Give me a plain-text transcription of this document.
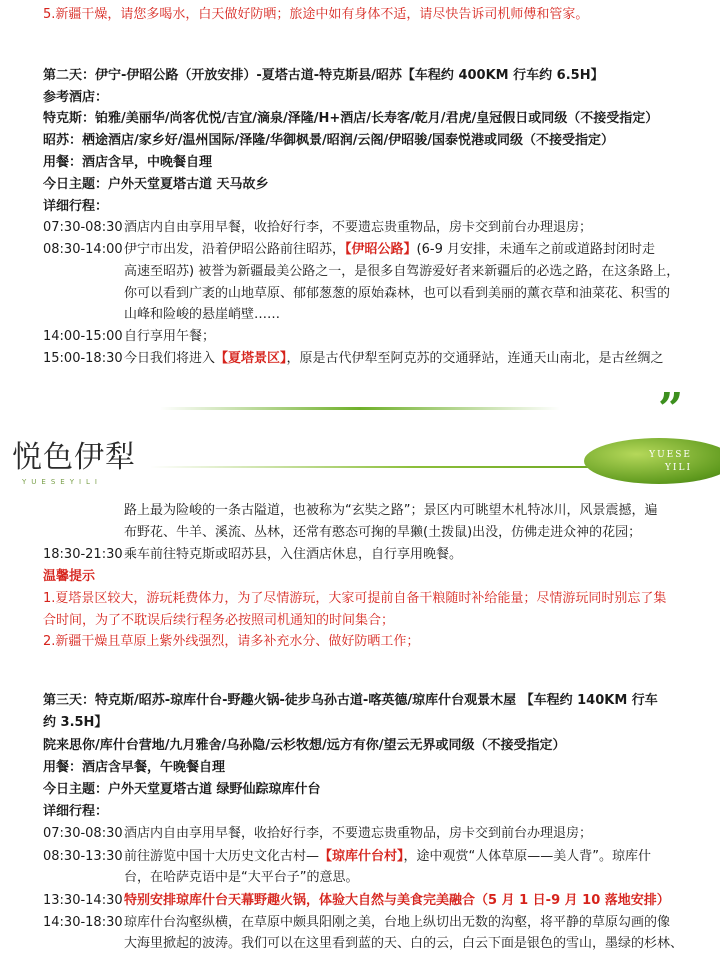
5.新疆干燥，请您多喝水，白天做好防晒；旅途中如有身体不适，请尽快告诉司机师傅和管家。
第二天：伊宁-伊昭公路（开放安排）-夏塔古道-特克斯县/昭苏【车程约 400KM 行车约 6.5H】
参考酒店：
特克斯：铂雅/美丽华/尚客优悦/吉宜/滴泉/泽隆/H+酒店/长寿客/乾月/君虎/皇冠假日或同级（不接受指定）
昭苏：栖途酒店/家乡好/温州国际/泽隆/华御枫景/昭润/云阁/伊昭骏/国泰悦港或同级（不接受指定）
用餐：酒店含早，中晚餐自理
今日主题：户外天堂夏塔古道 天马故乡
详细行程：
07:30-08:30 酒店内自由享用早餐，收拾好行李，不要遗忘贵重物品，房卡交到前台办理退房；
08:30-14:00 伊宁市出发，沿着伊昭公路前往昭苏，【伊昭公路】(6-9 月安排，未通车之前或道路封闭时走
高速至昭苏) 被誉为新疆最美公路之一，是很多自驾游爱好者来新疆后的必选之路，在这条路上，
你可以看到广袤的山地草原、郁郁葱葱的原始森林，也可以看到美丽的薰衣草和油菜花、积雪的
山峰和险峻的悬崖峭壁……
14:00-15:00 自行享用午餐；
15:00-18:30 今日我们将进入【夏塔景区】，原是古代伊犁至阿克苏的交通驿站，连通天山南北，是古丝绸之
”
悦色伊犁
YUESEYILI
YUESE
YILI
路上最为险峻的一条古隘道，也被称为“玄奘之路”；景区内可眺望木札特冰川，风景震撼，遍
布野花、牛羊、溪流、丛林，还常有憨态可掬的旱獭(土拨鼠)出没，仿佛走进众神的花园；
18:30-21:30 乘车前往特克斯或昭苏县，入住酒店休息，自行享用晚餐。
温馨提示
1.夏塔景区较大，游玩耗费体力，为了尽情游玩，大家可提前自备干粮随时补给能量；尽情游玩同时别忘了集
合时间，为了不耽误后续行程务必按照司机通知的时间集合；
2.新疆干燥且草原上紫外线强烈，请多补充水分、做好防晒工作；
第三天：特克斯/昭苏-琼库什台-野趣火锅-徒步乌孙古道-喀英德/琼库什台观景木屋 【车程约 140KM 行车
约 3.5H】
院来思你/库什台营地/九月雅舍/乌孙隐/云杉牧想/远方有你/望云无界或同级（不接受指定）
用餐：酒店含早餐，午晚餐自理
今日主题：户外天堂夏塔古道 绿野仙踪琼库什台
详细行程：
07:30-08:30 酒店内自由享用早餐，收拾好行李，不要遗忘贵重物品，房卡交到前台办理退房；
08:30-13:30 前往游览中国十大历史文化古村—【琼库什台村】，途中观赏“人体草原——美人背”。琼库什
台，在哈萨克语中是“大平台子”的意思。
13:30-14:30 特别安排琼库什台天幕野趣火锅，体验大自然与美食完美融合（5 月 1 日-9 月 10 落地安排）
14:30-18:30 琼库什台沟壑纵横，在草原中颇具阳刚之美，台地上纵切出无数的沟壑，将平静的草原勾画的像
大海里掀起的波涛。我们可以在这里看到蓝的天、白的云，白云下面是银色的雪山，墨绿的杉林、
